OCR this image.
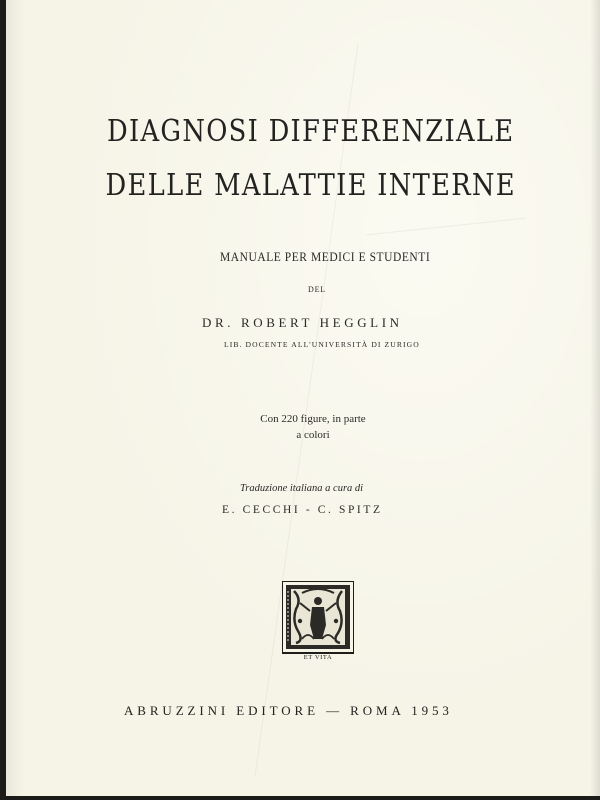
DIAGNOSI DIFFERENZIALE
DELLE MALATTIE INTERNE
MANUALE PER MEDICI E STUDENTI
DEL
DR. ROBERT HEGGLIN
LIB. DOCENTE ALL'UNIVERSITÀ DI ZURIGO
Con 220 figure, in parte
a colori
Traduzione italiana a cura di
E. CECCHI - C. SPITZ
ET VITA
ABRUZZINI EDITORE — ROMA 1953
